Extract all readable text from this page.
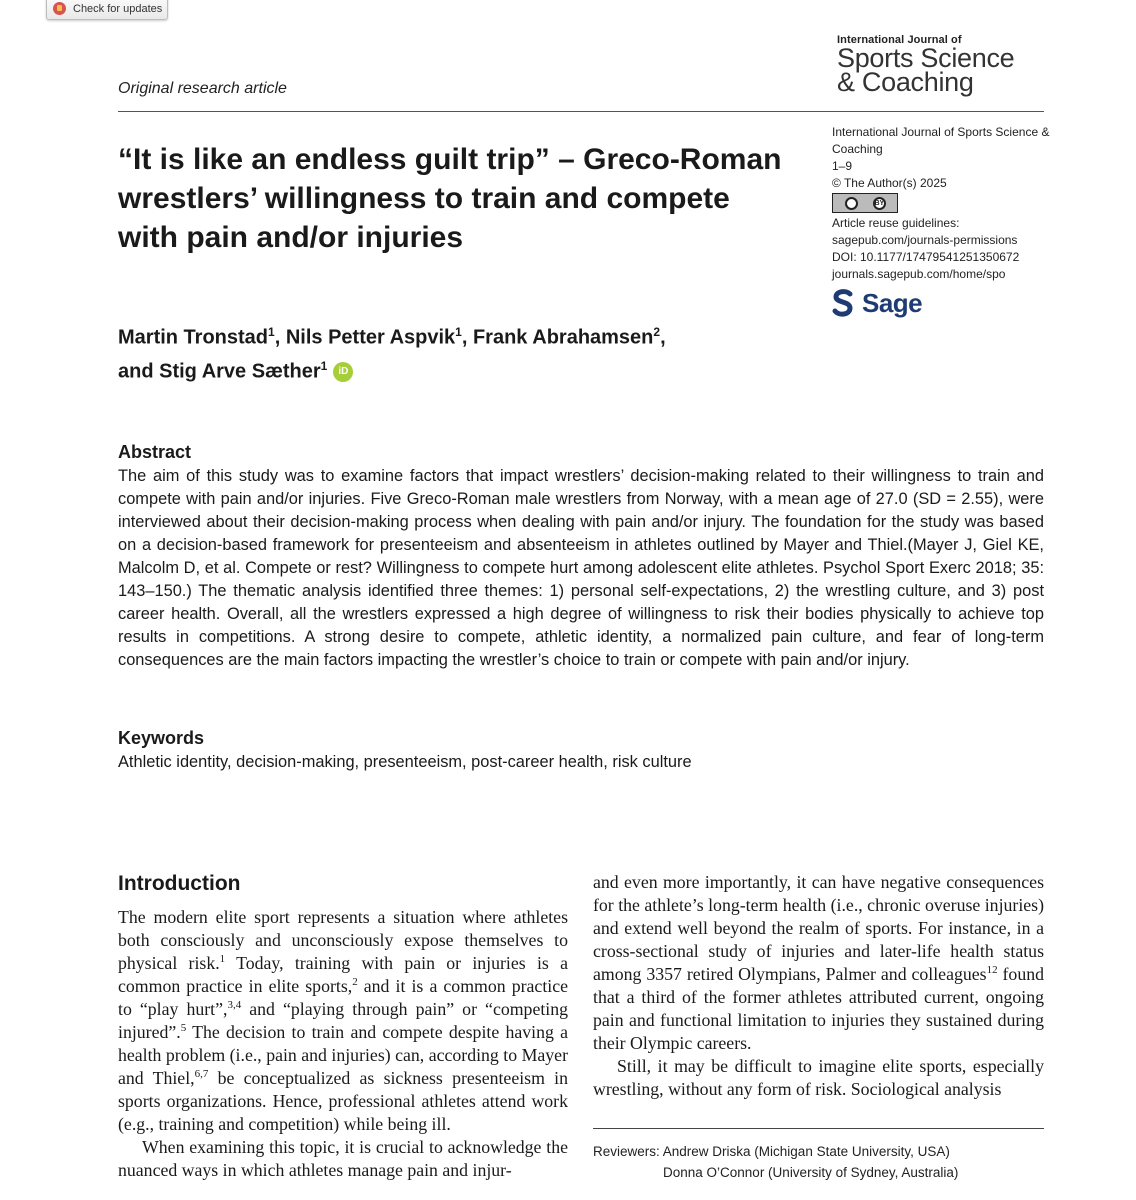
Check for updates
International Journal of
Sports Science
& Coaching
Original research article
“It is like an endless guilt trip” – Greco-Roman wrestlers’ willingness to train and compete with pain and/or injuries
International Journal of Sports Science & Coaching
1–9
© The Author(s) 2025
BY
Article reuse guidelines:
sagepub.com/journals-permissions
DOI: 10.1177/17479541251350672
journals.sagepub.com/home/spo
Sage
Martin Tronstad$^1$, Nils Petter Aspvik$^1$, Frank Abrahamsen$^2$,
and Stig Arve Sæther$^1$ iD
Abstract

The aim of this study was to examine factors that impact wrestlers’ decision-making related to their willingness to train and compete with pain and/or injuries. Five Greco-Roman male wrestlers from Norway, with a mean age of 27.0 (SD = 2.55), were interviewed about their decision-making process when dealing with pain and/or injury. The foundation for the study was based on a decision-based framework for presenteeism and absenteeism in athletes outlined by Mayer and Thiel.(Mayer J, Giel KE, Malcolm D, et al. Compete or rest? Willingness to compete hurt among adolescent elite athletes. Psychol Sport Exerc 2018; 35: 143–150.) The thematic analysis identified three themes: 1) personal self-expectations, 2) the wrestling culture, and 3) post career health. Overall, all the wrestlers expressed a high degree of willingness to risk their bodies physically to achieve top results in competitions. A strong desire to compete, athletic identity, a normalized pain culture, and fear of long-term consequences are the main factors impacting the wrestler’s choice to train or compete with pain and/or injury.

Keywords
Athletic identity, decision-making, presenteeism, post-career health, risk culture
Introduction

The modern elite sport represents a situation where athletes both consciously and unconsciously expose themselves to physical risk.$^1$ Today, training with pain or injuries is a common practice in elite sports,$^2$ and it is a common practice to “play hurt”,$^{3,4}$ and “playing through pain” or “competing injured”.$^5$ The decision to train and compete despite having a health problem (i.e., pain and injuries) can, according to Mayer and Thiel,$^{6,7}$ be conceptualized as sickness presenteeism in sports organizations. Hence, professional athletes attend work (e.g., training and competition) while being ill.

When examining this topic, it is crucial to acknowledge the nuanced ways in which athletes manage pain and injur-

and even more importantly, it can have negative consequences for the athlete’s long-term health (i.e., chronic overuse injuries) and extend well beyond the realm of sports. For instance, in a cross-sectional study of injuries and later-life health status among 3357 retired Olympians, Palmer and colleagues$^{12}$ found that a third of the former athletes attributed current, ongoing pain and functional limitation to injuries they sustained during their Olympic careers.

Still, it may be difficult to imagine elite sports, especially wrestling, without any form of risk. Sociological analysis

Reviewers: Andrew Driska (Michigan State University, USA)
Donna O’Connor (University of Sydney, Australia)
